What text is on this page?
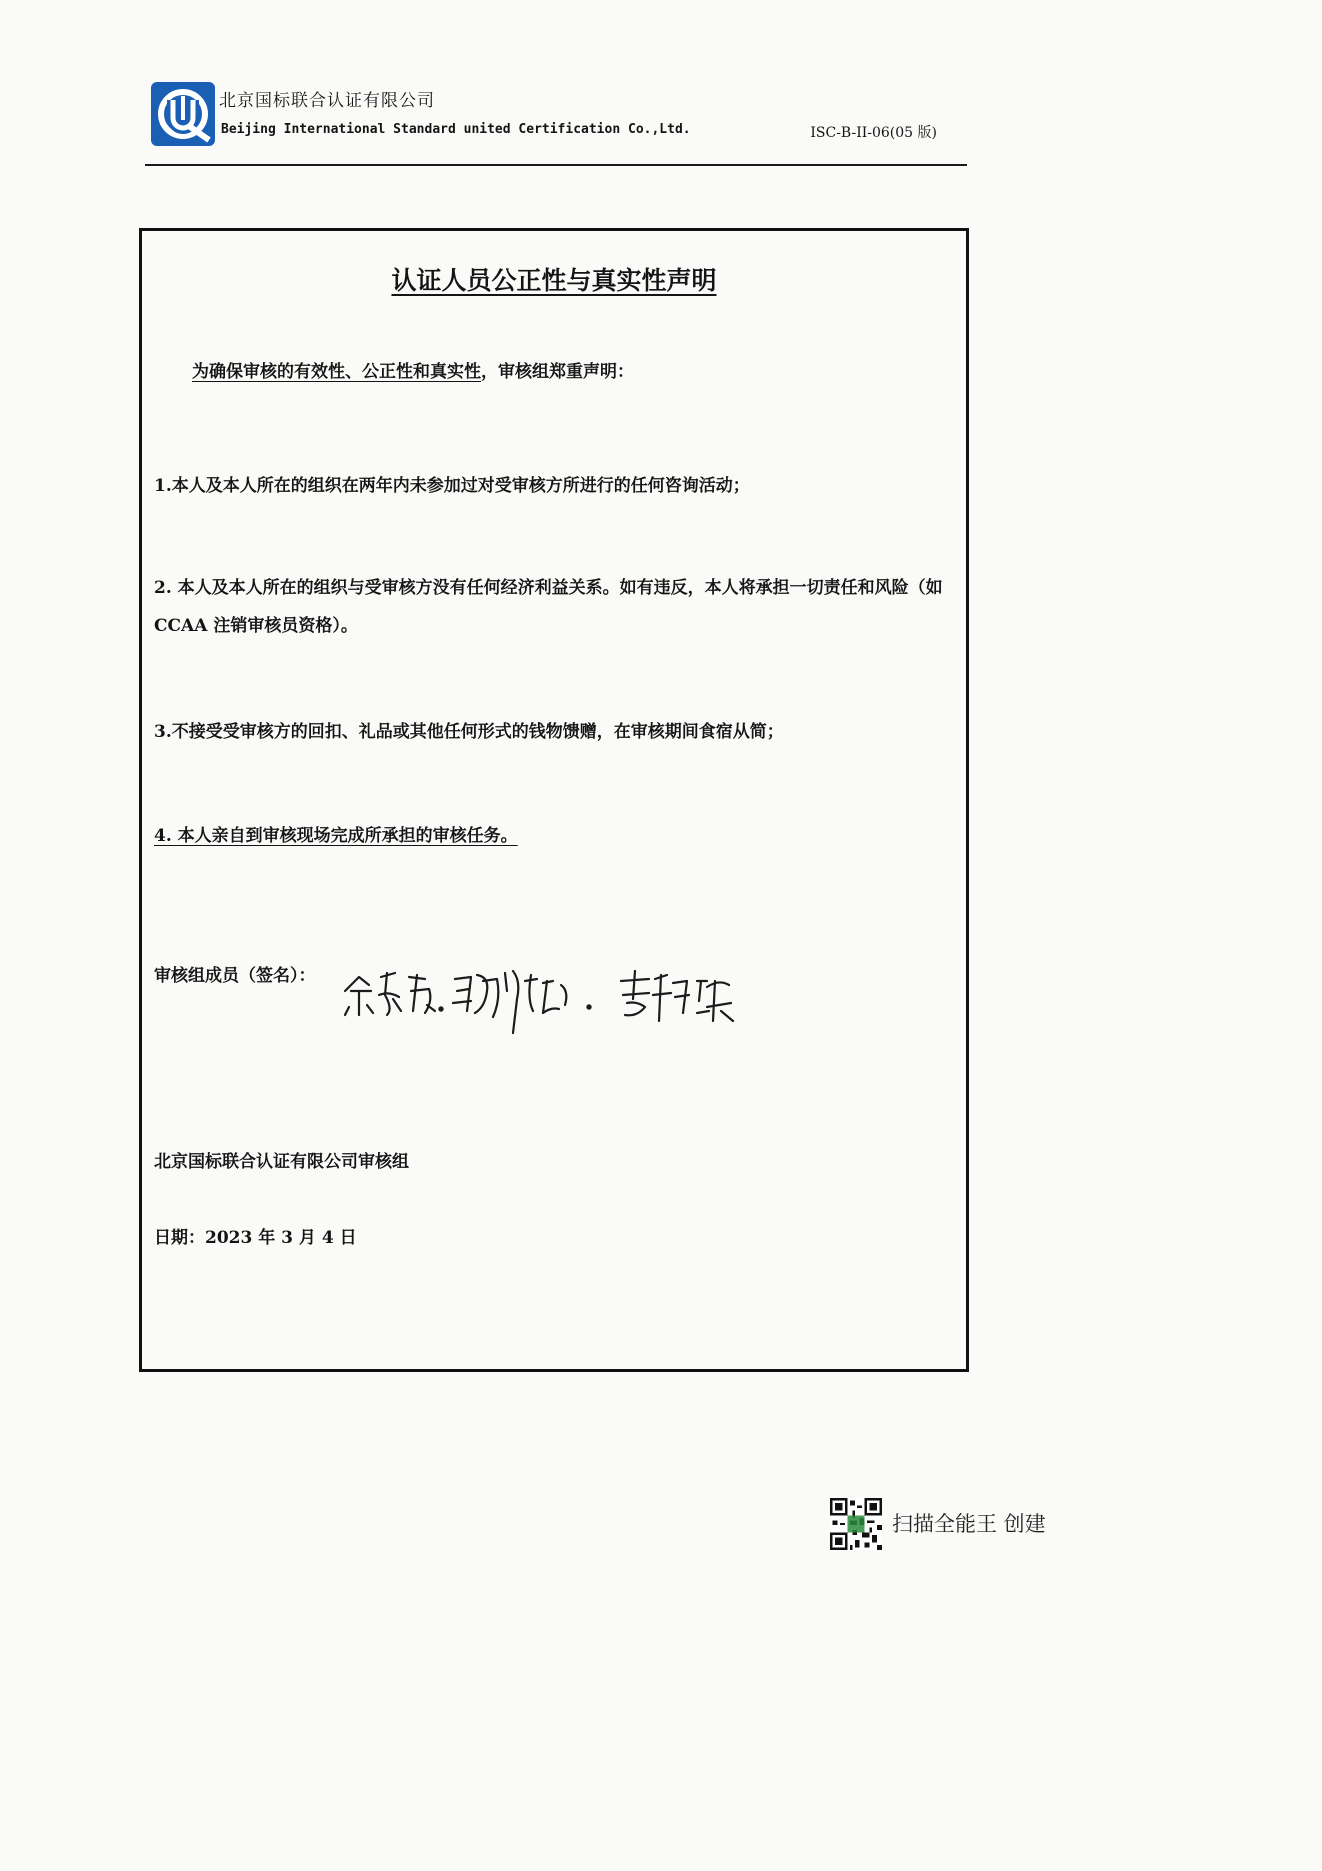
北京国标联合认证有限公司
Beijing International Standard united Certification Co.,Ltd.	ISC-B-II-06(05 版)
认证人员公正性与真实性声明
为确保审核的有效性、公正性和真实性，审核组郑重声明：
1.本人及本人所在的组织在两年内未参加过对受审核方所进行的任何咨询活动；
2. 本人及本人所在的组织与受审核方没有任何经济利益关系。如有违反，本人将承担一切责任和风险（如 CCAA 注销审核员资格）。
3.不接受受审核方的回扣、礼品或其他任何形式的钱物馈赠，在审核期间食宿从简；
4. 本人亲自到审核现场完成所承担的审核任务。
审核组成员（签名）：
北京国标联合认证有限公司审核组
日期：2023 年 3 月 4 日
扫描全能王 创建
